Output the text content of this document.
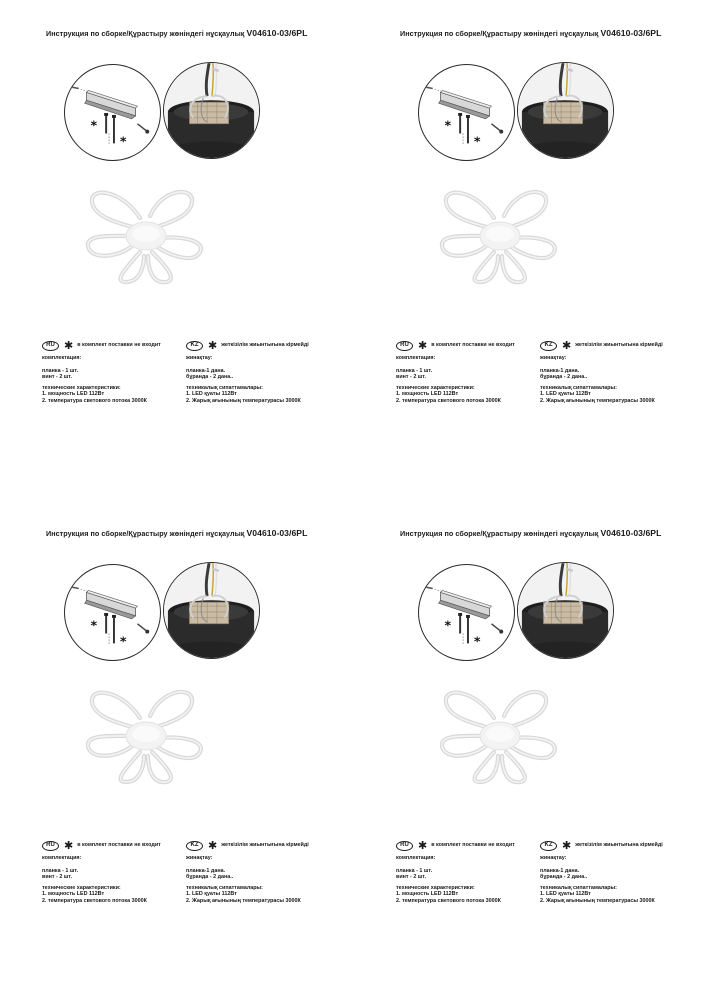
Инструкция по сборке/Құрастыру жөніндегі нұсқаулық V04610-03/6PL
RU ✱ в комплект поставки не входит
комплектация:
планка - 1 шт.
винт - 2 шт.
технические характеристики:
1. мощность LED 112Вт
2. температура светового потока 3000К
KZ ✱ жеткізілім жиынтығына кірмейді
жинақтау:
планка-1 дана.
бұранда - 2 дана..
техникалық сипаттамалары:
1. LED қуаты 112Вт
2. Жарық ағынының температурасы 3000К
Инструкция по сборке/Құрастыру жөніндегі нұсқаулық V04610-03/6PL
RU ✱ в комплект поставки не входит
комплектация:
планка - 1 шт.
винт - 2 шт.
технические характеристики:
1. мощность LED 112Вт
2. температура светового потока 3000К
KZ ✱ жеткізілім жиынтығына кірмейді
жинақтау:
планка-1 дана.
бұранда - 2 дана..
техникалық сипаттамалары:
1. LED қуаты 112Вт
2. Жарық ағынының температурасы 3000К
Инструкция по сборке/Құрастыру жөніндегі нұсқаулық V04610-03/6PL
RU ✱ в комплект поставки не входит
комплектация:
планка - 1 шт.
винт - 2 шт.
технические характеристики:
1. мощность LED 112Вт
2. температура светового потока 3000К
KZ ✱ жеткізілім жиынтығына кірмейді
жинақтау:
планка-1 дана.
бұранда - 2 дана..
техникалық сипаттамалары:
1. LED қуаты 112Вт
2. Жарық ағынының температурасы 3000К
Инструкция по сборке/Құрастыру жөніндегі нұсқаулық V04610-03/6PL
RU ✱ в комплект поставки не входит
комплектация:
планка - 1 шт.
винт - 2 шт.
технические характеристики:
1. мощность LED 112Вт
2. температура светового потока 3000К
KZ ✱ жеткізілім жиынтығына кірмейді
жинақтау:
планка-1 дана.
бұранда - 2 дана..
техникалық сипаттамалары:
1. LED қуаты 112Вт
2. Жарық ағынының температурасы 3000К
